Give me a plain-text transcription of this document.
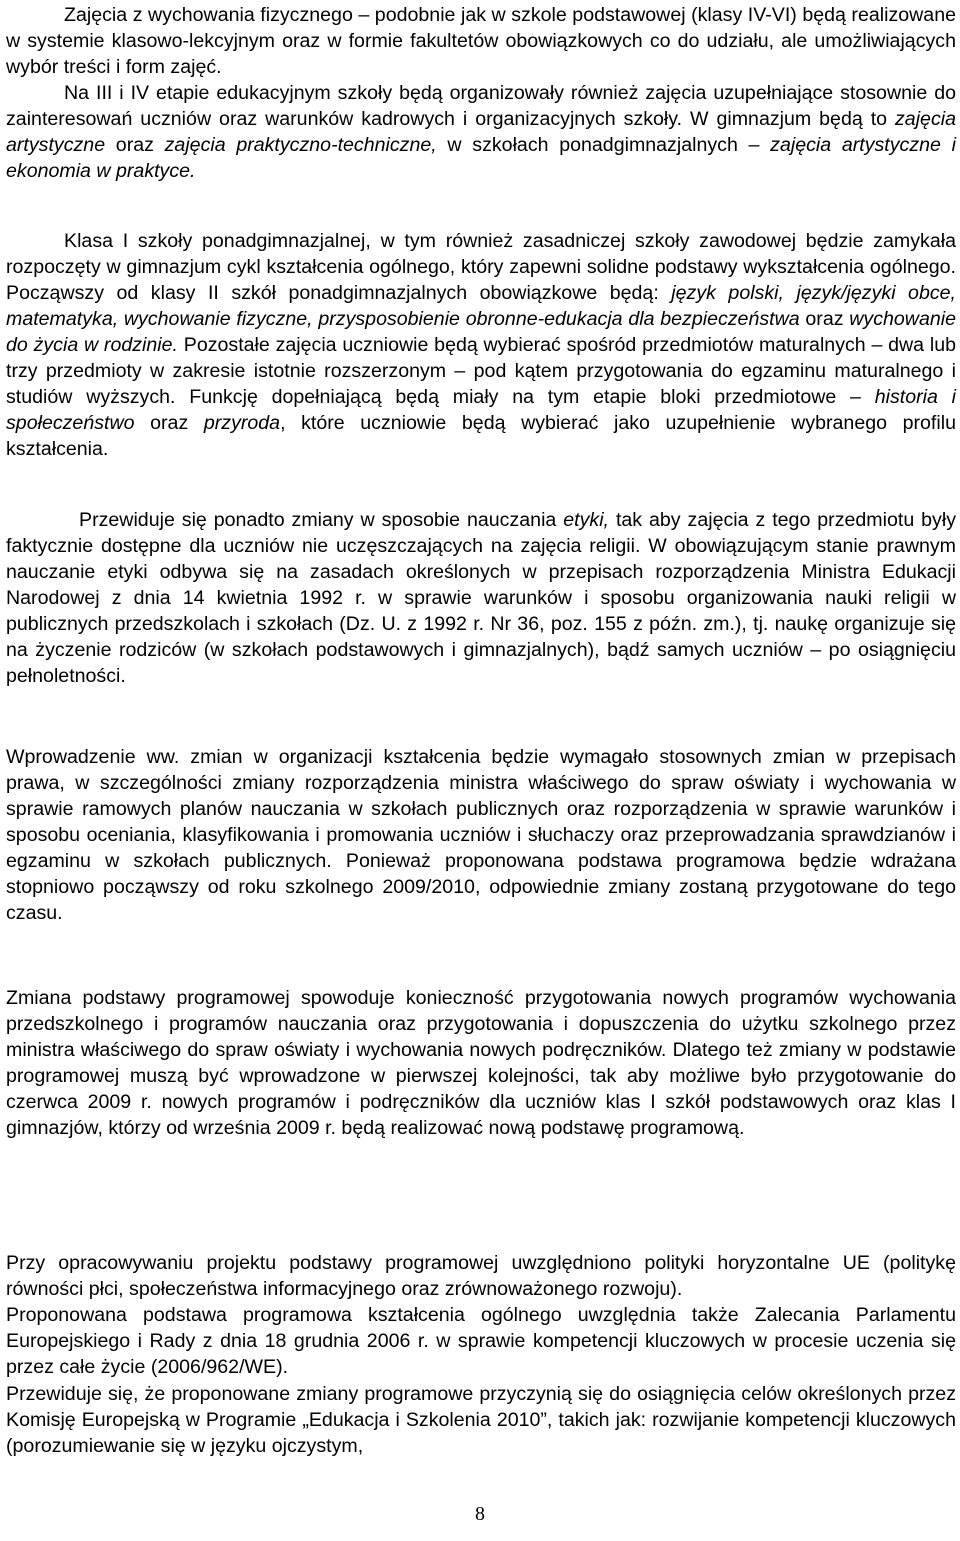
Zajęcia z wychowania fizycznego – podobnie jak w szkole podstawowej (klasy IV-VI) będą realizowane w systemie klasowo-lekcyjnym oraz w formie fakultetów obowiązkowych co do udziału, ale umożliwiających wybór treści i form zajęć.

Na III i IV etapie edukacyjnym szkoły będą organizowały również zajęcia uzupełniające stosownie do zainteresowań uczniów oraz warunków kadrowych i organizacyjnych szkoły. W gimnazjum będą to zajęcia artystyczne oraz zajęcia praktyczno-techniczne, w szkołach ponadgimnazjalnych – zajęcia artystyczne i ekonomia w praktyce.

Klasa I szkoły ponadgimnazjalnej, w tym również zasadniczej szkoły zawodowej będzie zamykała rozpoczęty w gimnazjum cykl kształcenia ogólnego, który zapewni solidne podstawy wykształcenia ogólnego. Począwszy od klasy II szkół ponadgimnazjalnych obowiązkowe będą: język polski, język/języki obce, matematyka, wychowanie fizyczne, przysposobienie obronne-edukacja dla bezpieczeństwa oraz wychowanie do życia w rodzinie. Pozostałe zajęcia uczniowie będą wybierać spośród przedmiotów maturalnych – dwa lub trzy przedmioty w zakresie istotnie rozszerzonym – pod kątem przygotowania do egzaminu maturalnego i studiów wyższych. Funkcję dopełniającą będą miały na tym etapie bloki przedmiotowe – historia i społeczeństwo oraz przyroda, które uczniowie będą wybierać jako uzupełnienie wybranego profilu kształcenia.

Przewiduje się ponadto zmiany w sposobie nauczania etyki, tak aby zajęcia z tego przedmiotu były faktycznie dostępne dla uczniów nie uczęszczających na zajęcia religii. W obowiązującym stanie prawnym nauczanie etyki odbywa się na zasadach określonych w przepisach rozporządzenia Ministra Edukacji Narodowej z dnia 14 kwietnia 1992 r. w sprawie warunków i sposobu organizowania nauki religii w publicznych przedszkolach i szkołach (Dz. U. z 1992 r. Nr 36, poz. 155 z późn. zm.), tj. naukę organizuje się na życzenie rodziców (w szkołach podstawowych i gimnazjalnych), bądź samych uczniów – po osiągnięciu pełnoletności.

Wprowadzenie ww. zmian w organizacji kształcenia będzie wymagało stosownych zmian w przepisach prawa, w szczególności zmiany rozporządzenia ministra właściwego do spraw oświaty i wychowania w sprawie ramowych planów nauczania w szkołach publicznych oraz rozporządzenia w sprawie warunków i sposobu oceniania, klasyfikowania i promowania uczniów i słuchaczy oraz przeprowadzania sprawdzianów i egzaminu w szkołach publicznych. Ponieważ proponowana podstawa programowa będzie wdrażana stopniowo począwszy od roku szkolnego 2009/2010, odpowiednie zmiany zostaną przygotowane do tego czasu.

Zmiana podstawy programowej spowoduje konieczność przygotowania nowych programów wychowania przedszkolnego i programów nauczania oraz przygotowania i dopuszczenia do użytku szkolnego przez ministra właściwego do spraw oświaty i wychowania nowych podręczników. Dlatego też zmiany w podstawie programowej muszą być wprowadzone w pierwszej kolejności, tak aby możliwe było przygotowanie do czerwca 2009 r. nowych programów i podręczników dla uczniów klas I szkół podstawowych oraz klas I gimnazjów, którzy od września 2009 r. będą realizować nową podstawę programową.

Przy opracowywaniu projektu podstawy programowej uwzględniono polityki horyzontalne UE (politykę równości płci, społeczeństwa informacyjnego oraz zrównoważonego rozwoju).

Proponowana podstawa programowa kształcenia ogólnego uwzględnia także Zalecania Parlamentu Europejskiego i Rady z dnia 18 grudnia 2006 r. w sprawie kompetencji kluczowych w procesie uczenia się przez całe życie (2006/962/WE).

Przewiduje się, że proponowane zmiany programowe przyczynią się do osiągnięcia celów określonych przez Komisję Europejską w Programie „Edukacja i Szkolenia 2010”, takich jak: rozwijanie kompetencji kluczowych (porozumiewanie się w języku ojczystym,

8
